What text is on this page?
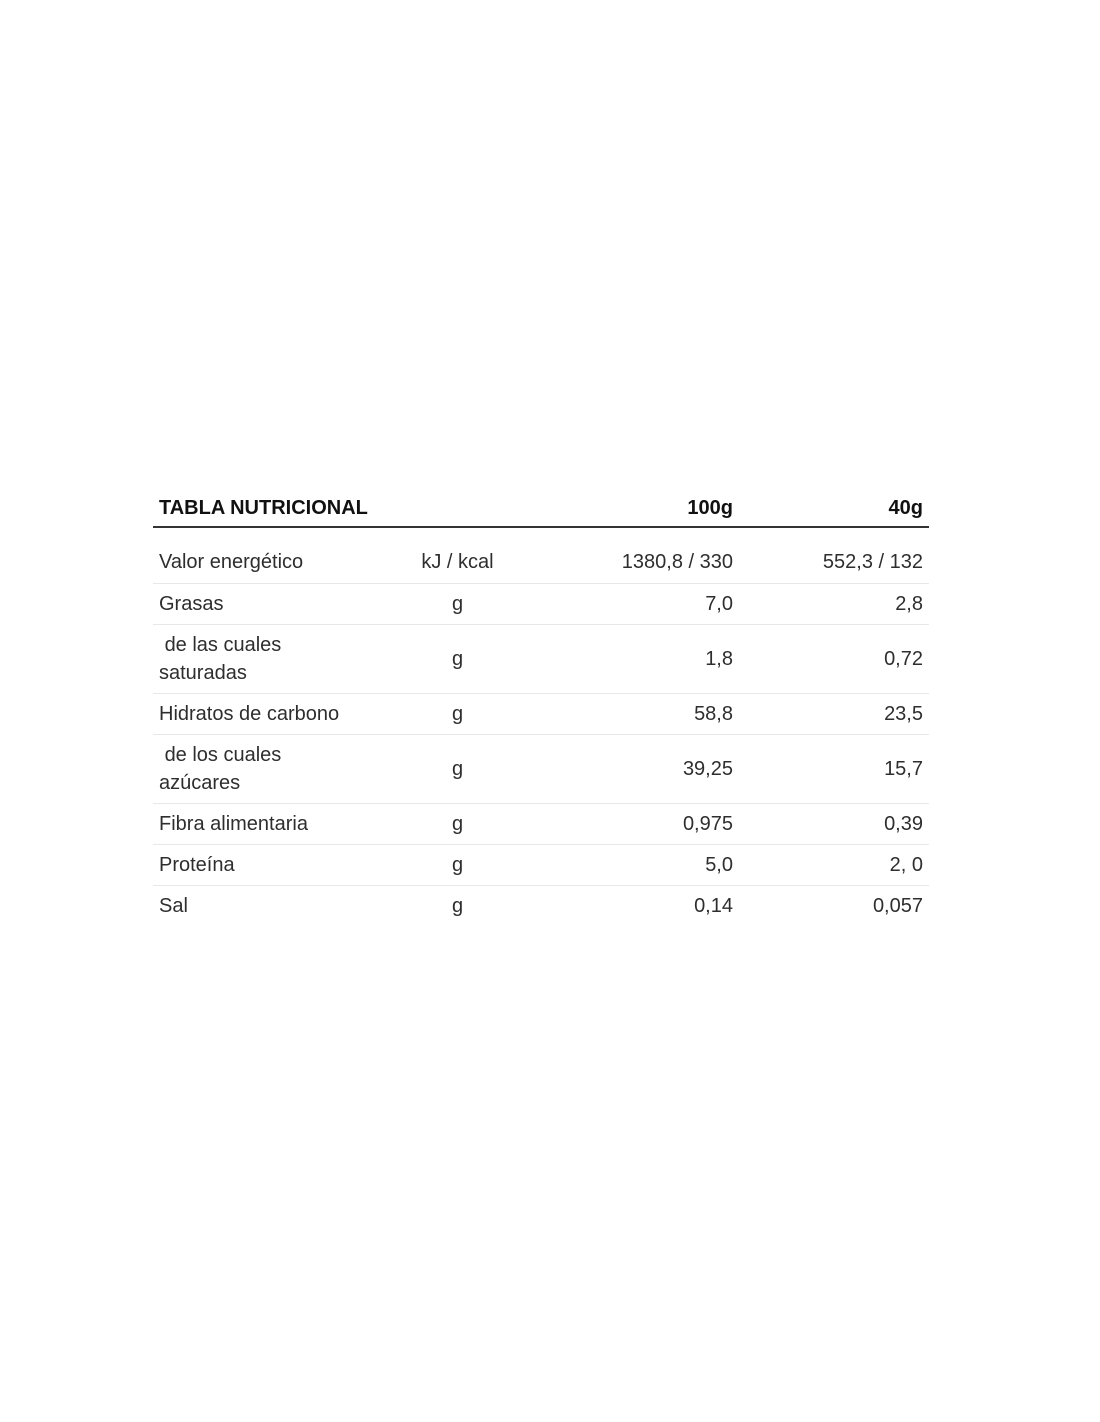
TABLA NUTRICIONAL		100g	40g

Valor energético	kJ / kcal	1380,8 / 330	552,3 / 132
Grasas	g	7,0	2,8
de las cuales
saturadas	g	1,8	0,72
Hidratos de carbono	g	58,8	23,5
de los cuales
azúcares	g	39,25	15,7
Fibra alimentaria	g	0,975	0,39
Proteína	g	5,0	2, 0
Sal	g	0,14	0,057
